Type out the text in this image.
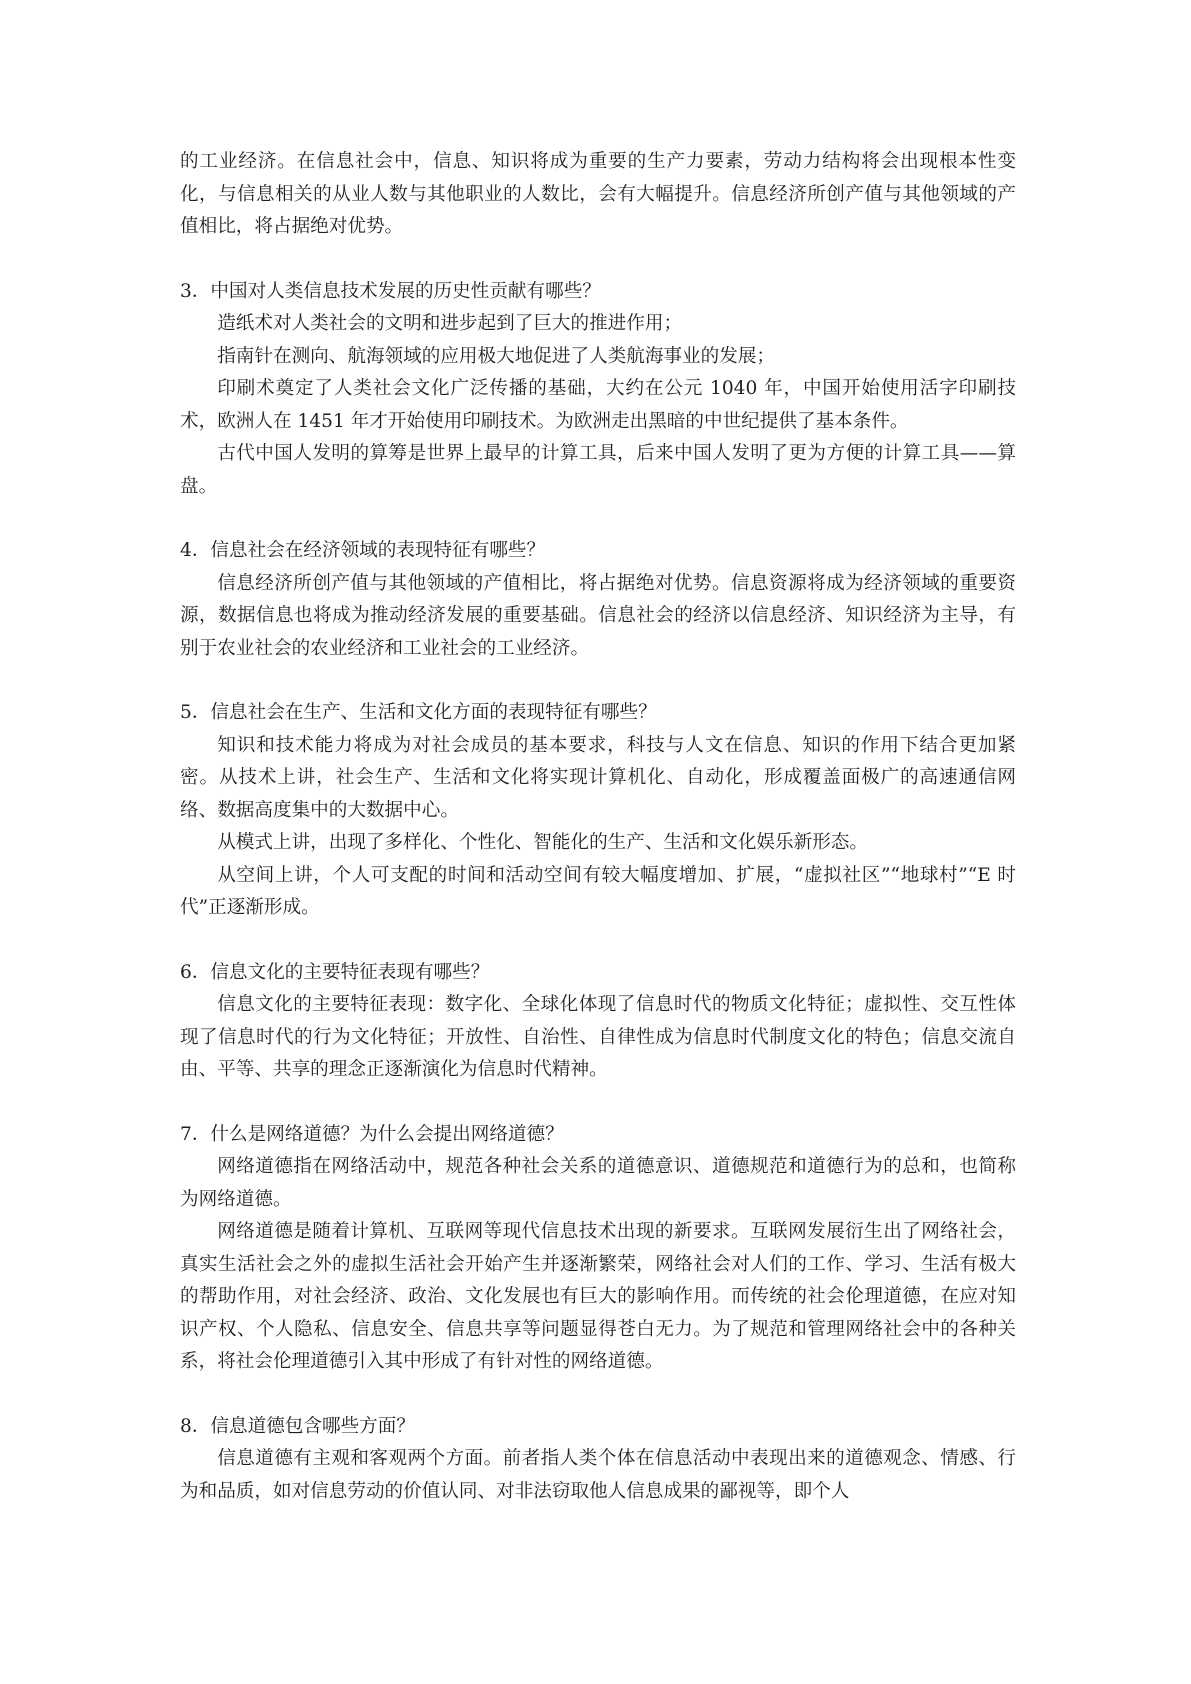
的工业经济。在信息社会中，信息、知识将成为重要的生产力要素，劳动力结构将会出现根本性变化，与信息相关的从业人数与其他职业的人数比，会有大幅提升。信息经济所创产值与其他领域的产值相比，将占据绝对优势。

3．中国对人类信息技术发展的历史性贡献有哪些？

造纸术对人类社会的文明和进步起到了巨大的推进作用；

指南针在测向、航海领域的应用极大地促进了人类航海事业的发展；

印刷术奠定了人类社会文化广泛传播的基础，大约在公元 1040 年，中国开始使用活字印刷技术，欧洲人在 1451 年才开始使用印刷技术。为欧洲走出黑暗的中世纪提供了基本条件。

古代中国人发明的算筹是世界上最早的计算工具，后来中国人发明了更为方便的计算工具——算盘。

4．信息社会在经济领域的表现特征有哪些？

信息经济所创产值与其他领域的产值相比，将占据绝对优势。信息资源将成为经济领域的重要资源，数据信息也将成为推动经济发展的重要基础。信息社会的经济以信息经济、知识经济为主导，有别于农业社会的农业经济和工业社会的工业经济。

5．信息社会在生产、生活和文化方面的表现特征有哪些？

知识和技术能力将成为对社会成员的基本要求，科技与人文在信息、知识的作用下结合更加紧密。从技术上讲，社会生产、生活和文化将实现计算机化、自动化，形成覆盖面极广的高速通信网络、数据高度集中的大数据中心。

从模式上讲，出现了多样化、个性化、智能化的生产、生活和文化娱乐新形态。

从空间上讲，个人可支配的时间和活动空间有较大幅度增加、扩展，“虚拟社区”“地球村”“E 时代”正逐渐形成。

6．信息文化的主要特征表现有哪些？

信息文化的主要特征表现：数字化、全球化体现了信息时代的物质文化特征；虚拟性、交互性体现了信息时代的行为文化特征；开放性、自治性、自律性成为信息时代制度文化的特色；信息交流自由、平等、共享的理念正逐渐演化为信息时代精神。

7．什么是网络道德？为什么会提出网络道德？

网络道德指在网络活动中，规范各种社会关系的道德意识、道德规范和道德行为的总和，也简称为网络道德。

网络道德是随着计算机、互联网等现代信息技术出现的新要求。互联网发展衍生出了网络社会，真实生活社会之外的虚拟生活社会开始产生并逐渐繁荣，网络社会对人们的工作、学习、生活有极大的帮助作用，对社会经济、政治、文化发展也有巨大的影响作用。而传统的社会伦理道德，在应对知识产权、个人隐私、信息安全、信息共享等问题显得苍白无力。为了规范和管理网络社会中的各种关系，将社会伦理道德引入其中形成了有针对性的网络道德。

8．信息道德包含哪些方面？

信息道德有主观和客观两个方面。前者指人类个体在信息活动中表现出来的道德观念、情感、行为和品质，如对信息劳动的价值认同、对非法窃取他人信息成果的鄙视等，即个人
